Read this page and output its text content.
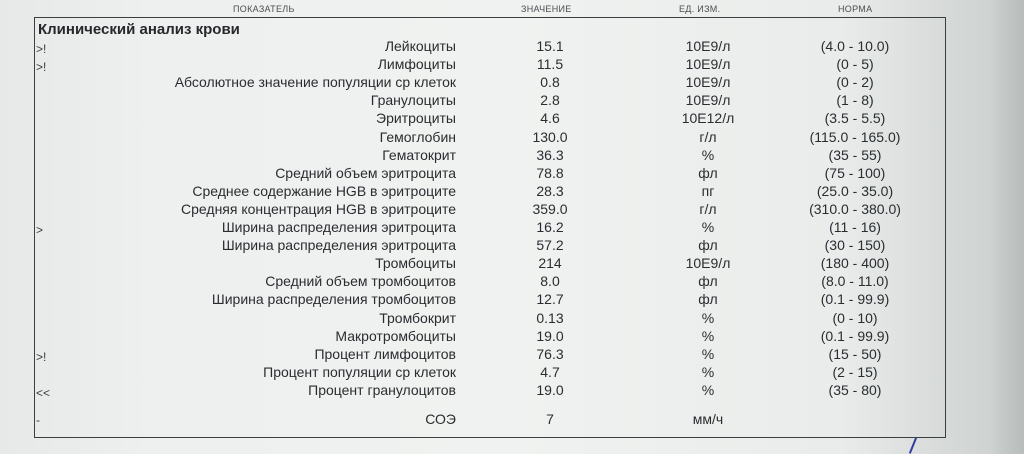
ПОКАЗАТЕЛЬ	ЗНАЧЕНИЕ	ЕД. ИЗМ.	НОРМА
Клинический анализ крови
>!	Лейкоциты	15.1	10E9/л	(4.0 - 10.0)
>!	Лимфоциты	11.5	10E9/л	(0 - 5)
Абсолютное значение популяции ср клеток	0.8	10E9/л	(0 - 2)
Гранулоциты	2.8	10E9/л	(1 - 8)
Эритроциты	4.6	10E12/л	(3.5 - 5.5)
Гемоглобин	130.0	г/л	(115.0 - 165.0)
Гематокрит	36.3	%	(35 - 55)
Средний объем эритроцита	78.8	фл	(75 - 100)
Среднее содержание HGB в эритроците	28.3	пг	(25.0 - 35.0)
Средняя концентрация HGB в эритроците	359.0	г/л	(310.0 - 380.0)
>	Ширина распределения эритроцита	16.2	%	(11 - 16)
Ширина распределения эритроцита	57.2	фл	(30 - 150)
Тромбоциты	214	10E9/л	(180 - 400)
Средний объем тромбоцитов	8.0	фл	(8.0 - 11.0)
Ширина распределения тромбоцитов	12.7	фл	(0.1 - 99.9)
Тромбокрит	0.13	%	(0 - 10)
Макротромбоциты	19.0	%	(0.1 - 99.9)
>!	Процент лимфоцитов	76.3	%	(15 - 50)
Процент популяции ср клеток	4.7	%	(2 - 15)
<<	Процент гранулоцитов	19.0	%	(35 - 80)
-	СОЭ	7	мм/ч
